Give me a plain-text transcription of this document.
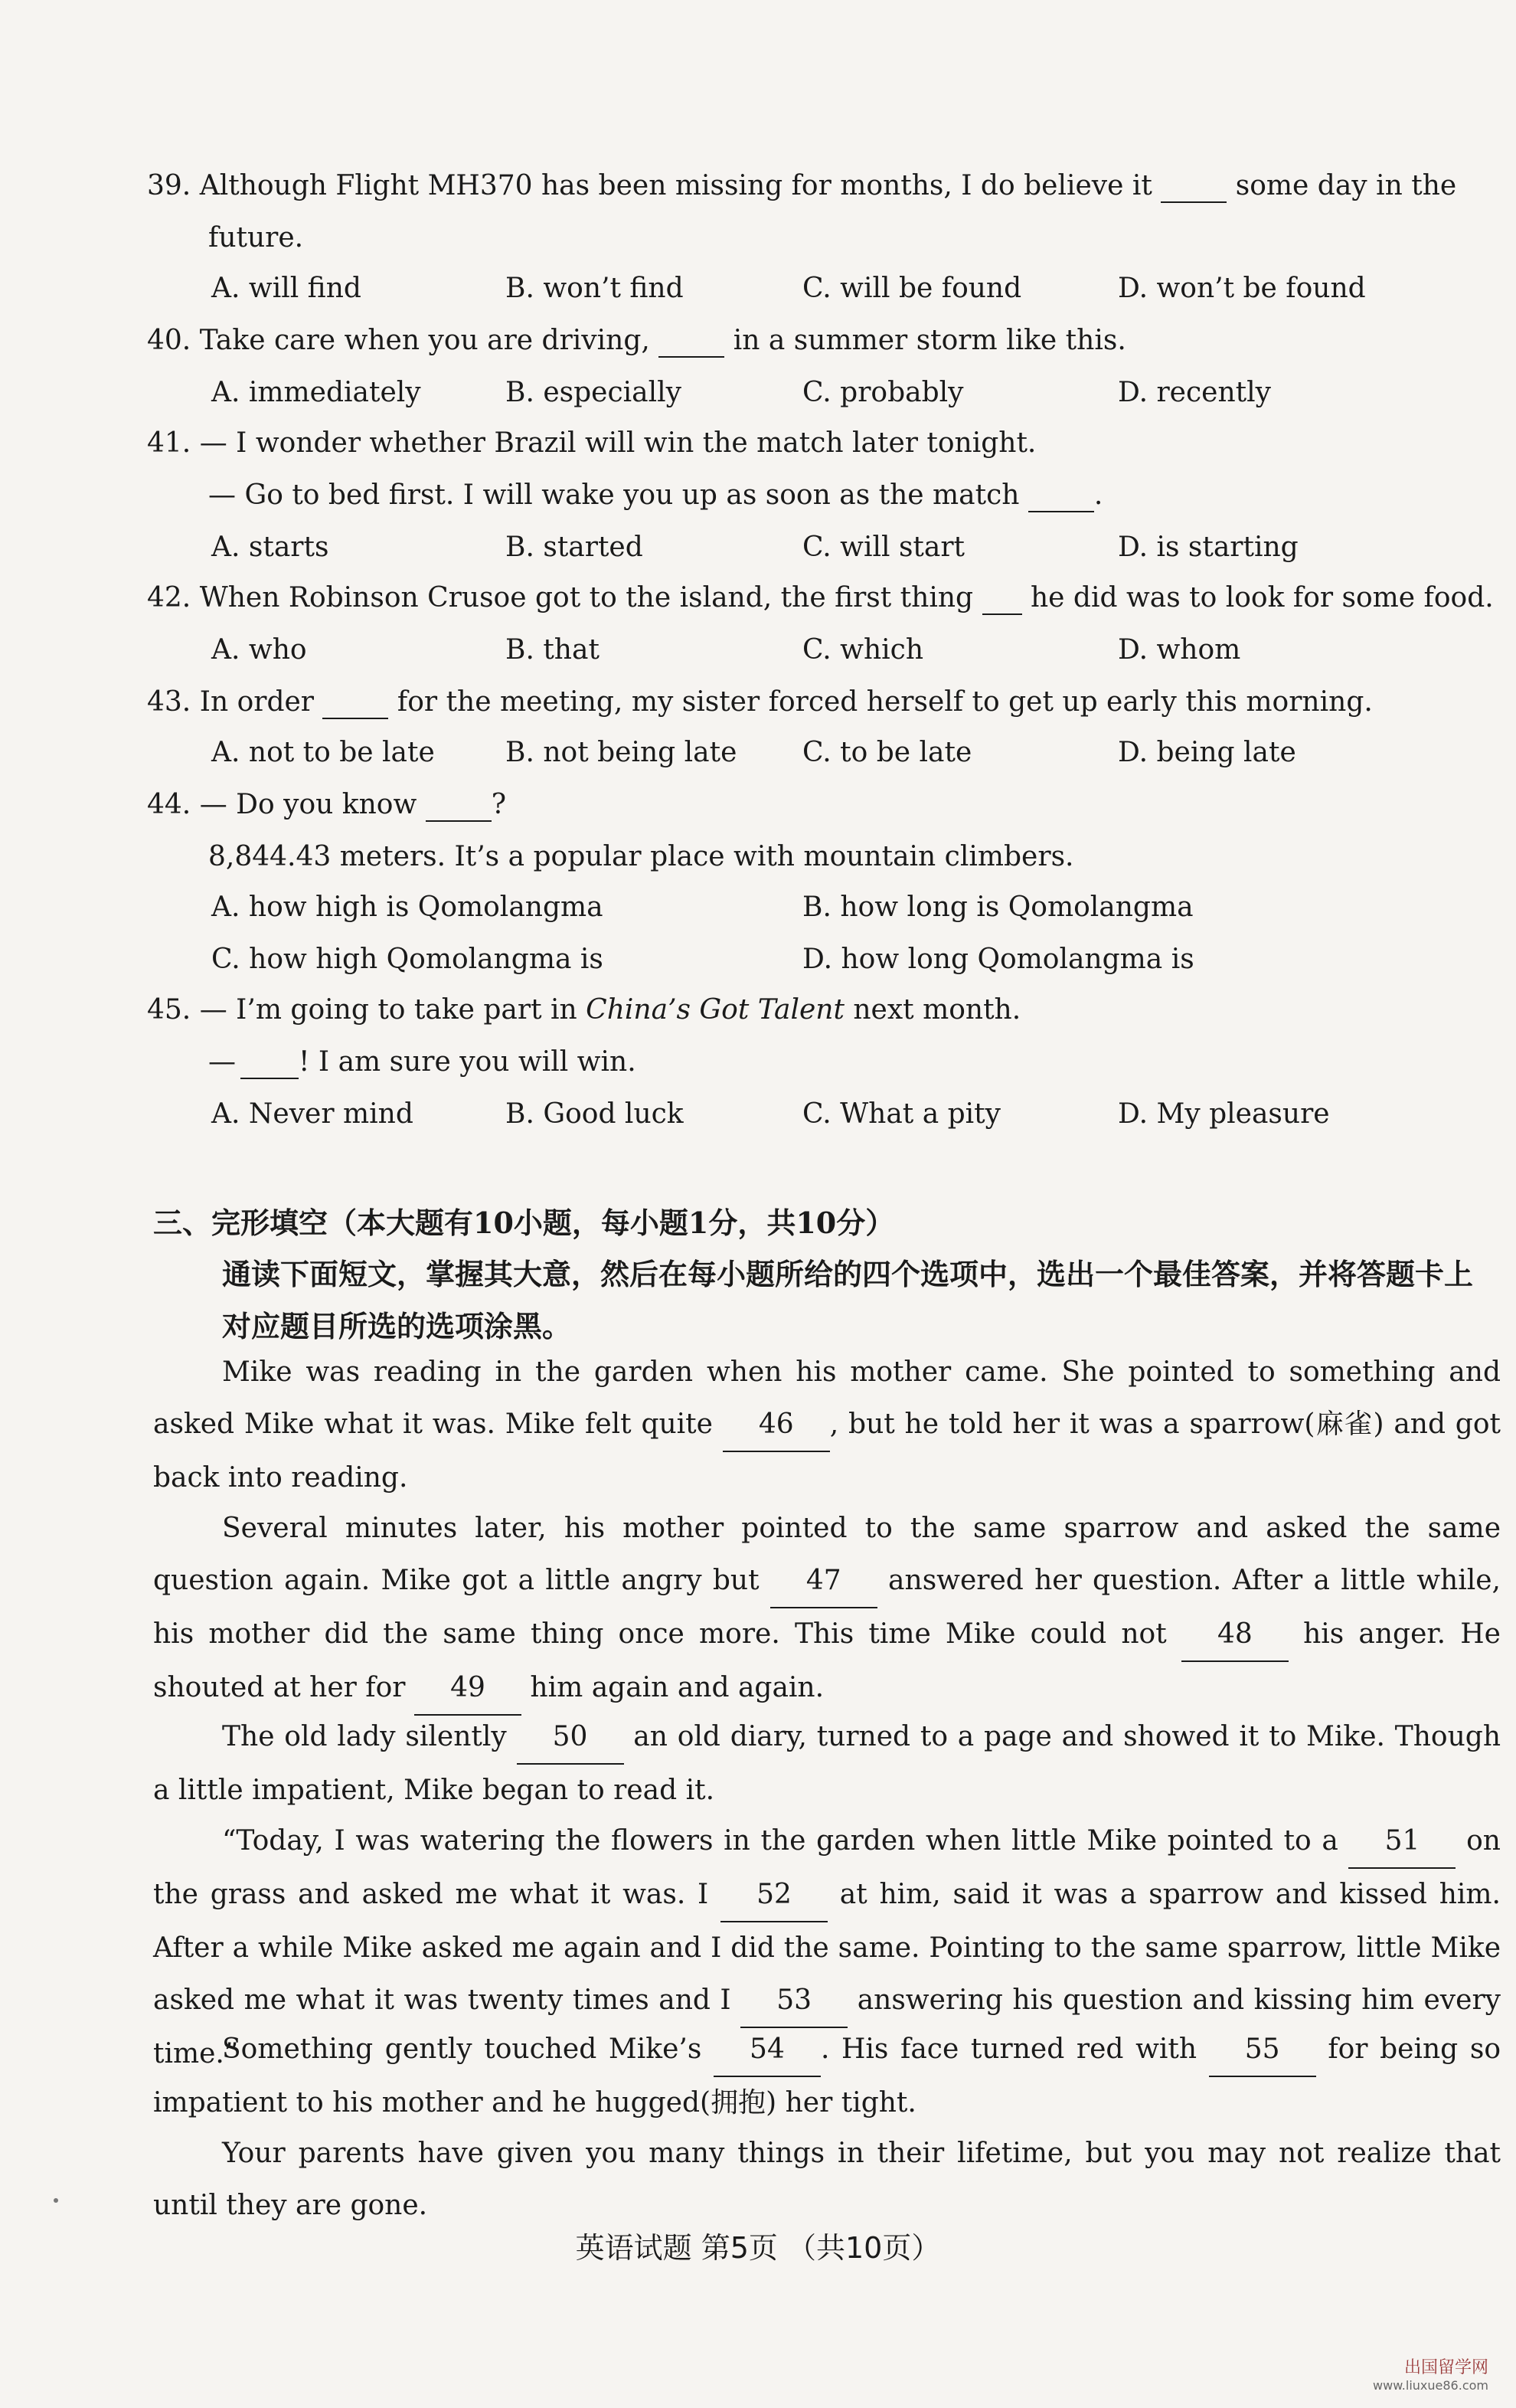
39. Although Flight MH370 has been missing for months, I do believe it	some day in the
future.
A. will find	B. won’t find	C. will be found	D. won’t be found
40. Take care when you are driving,	in a summer storm like this.
A. immediately	B. especially	C. probably	D. recently
41. — I wonder whether Brazil will win the match later tonight.
— Go to bed first. I will wake you up as soon as the match	.
A. starts	B. started	C. will start	D. is starting
42. When Robinson Crusoe got to the island, the first thing he did was to look for some food.
A. who	B. that	C. which	D. whom
43. In order	for the meeting, my sister forced herself to get up early this morning.
A. not to be late	B. not being late C. to be late	D. being late
44. — Do you know	?
8,844.43 meters. It’s a popular place with mountain climbers.
A. how high is Qomolangma	B. how long is Qomolangma
C. how high Qomolangma is	D. how long Qomolangma is
45. — I’m going to take part in China’s Got Talent next month.
— ! I am sure you will win.
A. Never mind	B. Good luck	C. What a pity	D. My pleasure
三、完形填空（本大题有10小题，每小题1分，共10分）
通读下面短文，掌握其大意，然后在每小题所给的四个选项中，选出一个最佳答案，并将答题卡上对应题目所选的选项涂黑。
Mike was reading in the garden when his mother came. She pointed to something and asked Mike what it was. Mike felt quite 46 , but he told her it was a sparrow(麻雀) and got back into reading.
Several minutes later, his mother pointed to the same sparrow and asked the same question again. Mike got a little angry but 47 answered her question. After a little while, his mother did the same thing once more. This time Mike could not 48 his anger. He shouted at her for 49 him again and again.
The old lady silently 50 an old diary, turned to a page and showed it to Mike. Though a little impatient, Mike began to read it.
“Today, I was watering the flowers in the garden when little Mike pointed to a 51 on the grass and asked me what it was. I 52 at him, said it was a sparrow and kissed him. After a while Mike asked me again and I did the same. Pointing to the same sparrow, little Mike asked me what it was twenty times and I 53 answering his question and kissing him every time.”
Something gently touched Mike’s 54 . His face turned red with 55 for being so impatient to his mother and he hugged(拥抱) her tight.
Your parents have given you many things in their lifetime, but you may not realize that until they are gone.
英语试题 第5页 （共10页）
出国留学网
www.liuxue86.com
